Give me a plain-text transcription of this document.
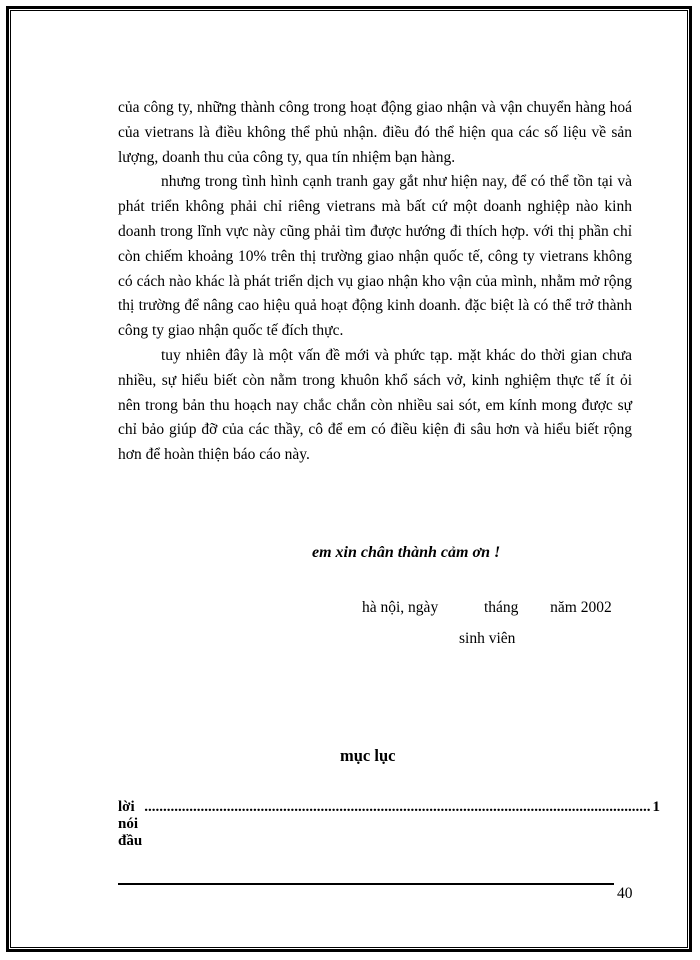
của công ty, những thành công trong hoạt động giao nhận và vận chuyển hàng hoá của vietrans là điều không thể phủ nhận. điều đó thể hiện qua các số liệu về sản lượng, doanh thu của công ty, qua tín nhiệm bạn hàng.

nhưng trong tình hình cạnh tranh gay gắt như hiện nay, để có thể tồn tại và phát triển không phải chỉ riêng vietrans mà bất cứ một doanh nghiệp nào kinh doanh trong lĩnh vực này cũng phải tìm được hướng đi thích hợp. với thị phần chỉ còn chiếm khoảng 10% trên thị trường giao nhận quốc tế, công ty vietrans không có cách nào khác là phát triển dịch vụ giao nhận kho vận của mình, nhằm mở rộng thị trường để nâng cao hiệu quả hoạt động kinh doanh. đặc biệt là có thể trở thành công ty giao nhận quốc tế đích thực.

tuy nhiên đây là một vấn đề mới và phức tạp. mặt khác do thời gian chưa nhiều, sự hiểu biết còn nằm trong khuôn khổ sách vở, kinh nghiệm thực tế ít ỏi nên trong bản thu hoạch nay chắc chắn còn nhiều sai sót, em kính mong được sự chỉ bảo giúp đỡ của các thầy, cô để em có điều kiện đi sâu hơn và hiểu biết rộng hơn để hoàn thiện báo cáo này.

em xin chân thành cảm ơn !
hà nội, ngày	tháng năm 2002
sinh viên
mục lục
lời nói đầu
....................................................................................................................................... 1
40
